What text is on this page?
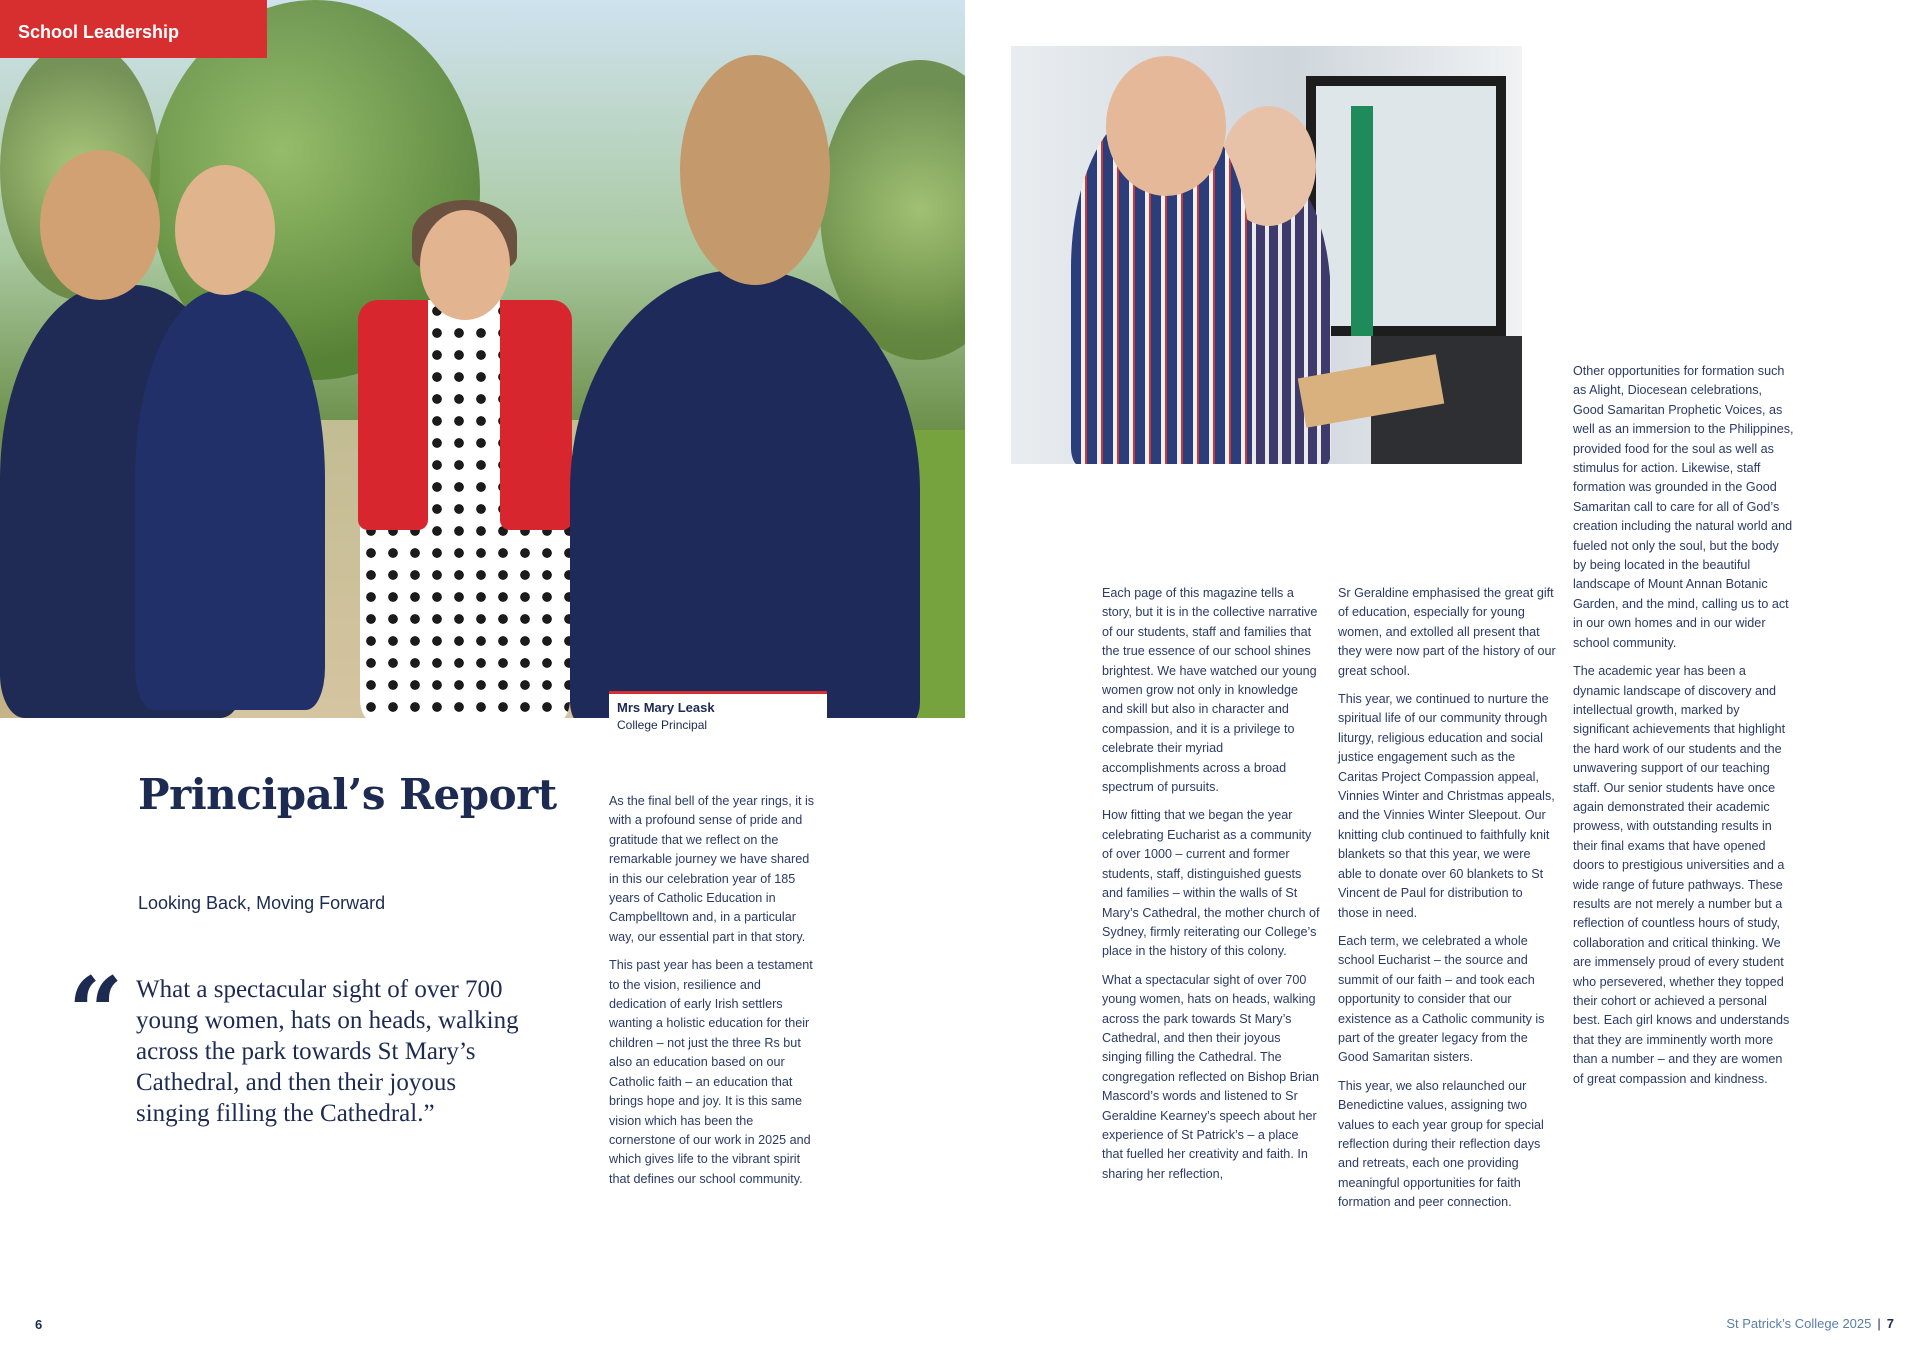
School Leadership
Mrs Mary Leask
College Principal
Principal’s Report
Looking Back, Moving Forward
“ What a spectacular sight of over 700 young women, hats on heads, walking across the park towards St Mary’s Cathedral, and then their joyous singing filling the Cathedral.”

As the final bell of the year rings, it is with a profound sense of pride and gratitude that we reflect on the remarkable journey we have shared in this our celebration year of 185 years of Catholic Education in Campbelltown and, in a particular way, our essential part in that story.

This past year has been a testament to the vision, resilience and dedication of early Irish settlers wanting a holistic education for their children – not just the three Rs but also an education based on our Catholic faith – an education that brings hope and joy. It is this same vision which has been the cornerstone of our work in 2025 and which gives life to the vibrant spirit that defines our school community.

Each page of this magazine tells a story, but it is in the collective narrative of our students, staff and families that the true essence of our school shines brightest. We have watched our young women grow not only in knowledge and skill but also in character and compassion, and it is a privilege to celebrate their myriad accomplishments across a broad spectrum of pursuits.

How fitting that we began the year celebrating Eucharist as a community of over 1000 – current and former students, staff, distinguished guests and families – within the walls of St Mary’s Cathedral, the mother church of Sydney, firmly reiterating our College’s place in the history of this colony.

What a spectacular sight of over 700 young women, hats on heads, walking across the park towards St Mary’s Cathedral, and then their joyous singing filling the Cathedral. The congregation reflected on Bishop Brian Mascord’s words and listened to Sr Geraldine Kearney’s speech about her experience of St Patrick’s – a place that fuelled her creativity and faith. In sharing her reflection,

Sr Geraldine emphasised the great gift of education, especially for young women, and extolled all present that they were now part of the history of our great school.

This year, we continued to nurture the spiritual life of our community through liturgy, religious education and social justice engagement such as the Caritas Project Compassion appeal, Vinnies Winter and Christmas appeals, and the Vinnies Winter Sleepout. Our knitting club continued to faithfully knit blankets so that this year, we were able to donate over 60 blankets to St Vincent de Paul for distribution to those in need.

Each term, we celebrated a whole school Eucharist – the source and summit of our faith – and took each opportunity to consider that our existence as a Catholic community is part of the greater legacy from the Good Samaritan sisters.

This year, we also relaunched our Benedictine values, assigning two values to each year group for special reflection during their reflection days and retreats, each one providing meaningful opportunities for faith formation and peer connection.

Other opportunities for formation such as Alight, Diocesean celebrations, Good Samaritan Prophetic Voices, as well as an immersion to the Philippines, provided food for the soul as well as stimulus for action. Likewise, staff formation was grounded in the Good Samaritan call to care for all of God’s creation including the natural world and fueled not only the soul, but the body by being located in the beautiful landscape of Mount Annan Botanic Garden, and the mind, calling us to act in our own homes and in our wider school community.

The academic year has been a dynamic landscape of discovery and intellectual growth, marked by significant achievements that highlight the hard work of our students and the unwavering support of our teaching staff. Our senior students have once again demonstrated their academic prowess, with outstanding results in their final exams that have opened doors to prestigious universities and a wide range of future pathways. These results are not merely a number but a reflection of countless hours of study, collaboration and critical thinking. We are immensely proud of every student who persevered, whether they topped their cohort or achieved a personal best. Each girl knows and understands that they are imminently worth more than a number – and they are women of great compassion and kindness.

6	St Patrick’s College 2025 | 7
